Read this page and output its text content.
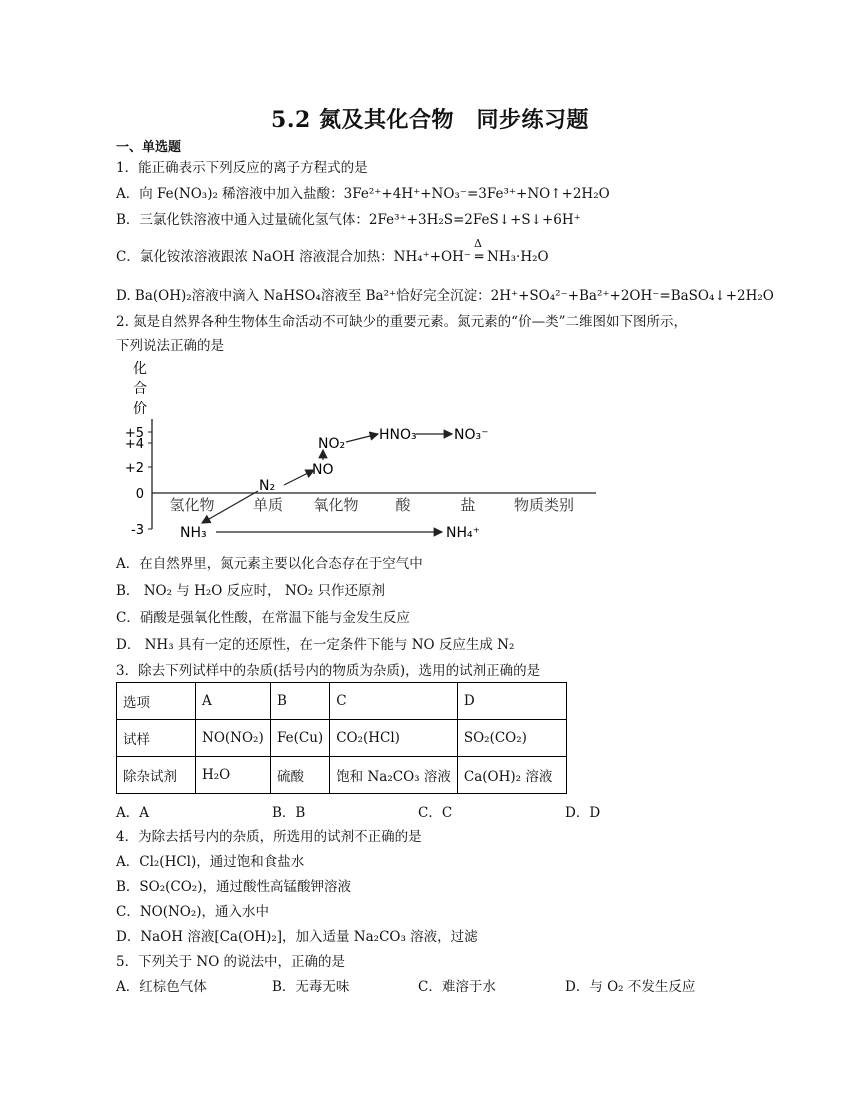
5.2 氮及其化合物　同步练习题
一、单选题
1．能正确表示下列反应的离子方程式的是
A．向 Fe(NO₃)₂ 稀溶液中加入盐酸：3Fe²⁺+4H⁺+NO₃⁻=3Fe³⁺+NO↑+2H₂O
B．三氯化铁溶液中通入过量硫化氢气体：2Fe³⁺+3H₂S=2FeS↓+S↓+6H⁺
C．氯化铵浓溶液跟浓 NaOH 溶液混合加热：NH₄⁺+OH⁻
Δ
═ NH₃·H₂O
D. Ba(OH)₂溶液中滴入 NaHSO₄溶液至 Ba²⁺恰好完全沉淀：2H⁺+SO₄²⁻+Ba²⁺+2OH⁻=BaSO₄↓+2H₂O
2. 氮是自然界各种生物体生命活动不可缺少的重要元素。氮元素的“价—类”二维图如下图所示，
下列说法正确的是
化
合
价
+5
+4
+2
0
-3
氢化物	单质 氧化物 酸	盐	物质类别
N₂
NO
NO₂
HNO₃	NO₃⁻
NH₃	NH₄⁺
A．在自然界里，氮元素主要以化合态存在于空气中
B． NO₂ 与 H₂O 反应时， NO₂ 只作还原剂
C．硝酸是强氧化性酸，在常温下能与金发生反应
D． NH₃ 具有一定的还原性，在一定条件下能与 NO 反应生成 N₂
3．除去下列试样中的杂质(括号内的物质为杂质)，选用的试剂正确的是
选项	A	B	C	D
试样	NO(NO₂)	Fe(Cu)	CO₂(HCl)	SO₂(CO₂)
除杂试剂	H₂O	硫酸	饱和 Na₂CO₃ 溶液	Ca(OH)₂ 溶液
A．A	B．B	C．C	D．D
4．为除去括号内的杂质，所选用的试剂不正确的是
A．Cl₂(HCl)，通过饱和食盐水
B．SO₂(CO₂)，通过酸性高锰酸钾溶液
C．NO(NO₂)，通入水中
D．NaOH 溶液[Ca(OH)₂]，加入适量 Na₂CO₃ 溶液，过滤
5．下列关于 NO 的说法中，正确的是
A．红棕色气体	B．无毒无味	C．难溶于水	D．与 O₂ 不发生反应
